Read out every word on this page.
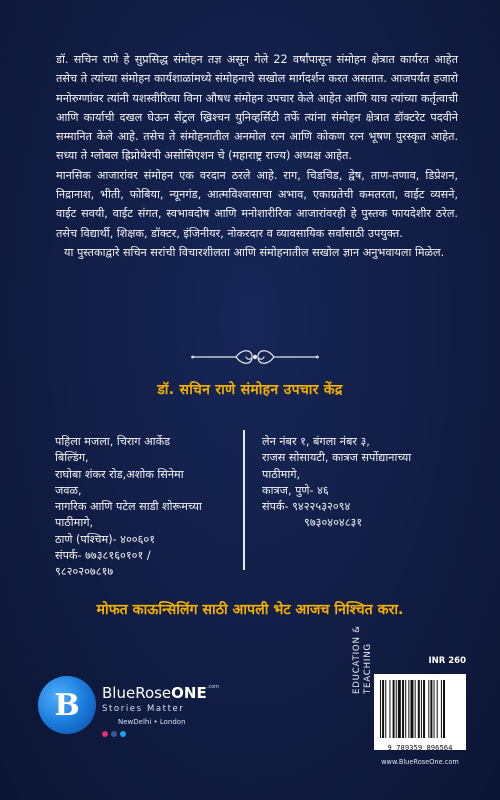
डॉ. सचिन राणे हे सुप्रसिद्ध संमोहन तज्ञ असून गेले 22 वर्षांपासून संमोहन क्षेत्रात कार्यरत आहेत तसेच ते त्यांच्या संमोहन कार्यशाळांमध्ये संमोहनाचे सखोल मार्गदर्शन करत असतात. आजपर्यंत हजारो मनोरुग्णांवर त्यांनी यशस्वीरित्या विना औषध संमोहन उपचार केले आहेत आणि याच त्यांच्या कर्तृत्वाची आणि कार्याची दखल घेऊन सेंट्रल ख्रिश्चन युनिव्हर्सिटी तर्फे त्यांना संमोहन क्षेत्रात डॉक्टरेट पदवीने सम्मानित केले आहे. तसेच ते संमोहनातील अनमोल रत्न आणि कोकण रत्न भूषण पुरस्कृत आहेत. सध्या ते ग्लोबल ह्रिप्नोथेरपी असोसिएशन चे (महाराष्ट्र राज्य) अध्यक्ष आहेत.

मानसिक आजारांवर संमोहन एक वरदान ठरले आहे. राग, चिडचिड, द्वेष, ताण-तणाव, डिप्रेशन, निद्रानाश, भीती, फोबिया, न्यूनगंड, आत्मविश्वासाचा अभाव, एकाग्रतेची कमतरता, वाईट व्यसने, वाईट सवयी, वाईट संगत, स्वभावदोष आणि मनोशारीरिक आजारांवरही हे पुस्तक फायदेशीर ठरेल. तसेच विद्यार्थी, शिक्षक, डॉक्टर, इंजिनीयर, नोकरदार व व्यावसायिक सर्वांसाठी उपयुक्त.

या पुस्तकाद्वारे सचिन सरांची विचारशीलता आणि संमोहनातील सखोल ज्ञान अनुभवायला मिळेल.

डॉ. सचिन राणे संमोहन उपचार केंद्र
पहिला मजला, चिराग आर्केड
बिल्डिंग,
राघोबा शंकर रोड,अशोक सिनेमा
जवळ,
नागरिक आणि पटेल साडी शोरूमच्या
पाठीमागे,
ठाणे (पश्चिम)- ४००६०१
संपर्क- ७७३८१६०१०१ /
९८२०२०७८१७
लेन नंबर १, बंगला नंबर ३,
राजस सोसायटी, कात्रज सर्पोद्यानाच्या
पाठीमागे,
कात्रज, पुणे- ४६
संपर्क- ९४२२५३२०९४
९७३०४०४८३१
मोफत काऊन्सिलिंग साठी आपली भेट आजच निश्चित करा.
B BlueRoseONE$^{.com}$
Stories Matter
NewDelhi • London
EDUCATION & TEACHING	INR 260
9 789359 896564
www.BlueRoseOne.com
